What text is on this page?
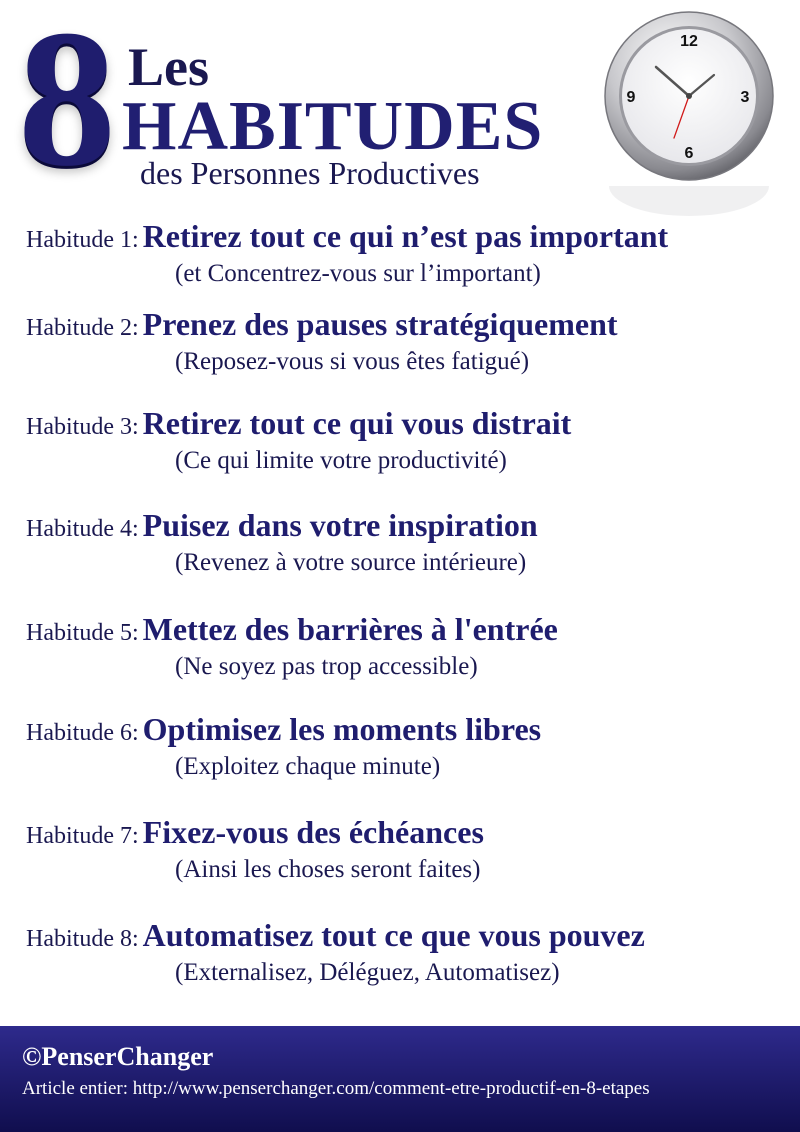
8 Les
HABITUDES
des Personnes Productives
12
3
6
9
Habitude 1: Retirez tout ce qui n’est pas important
(et Concentrez-vous sur l’important)
Habitude 2: Prenez des pauses stratégiquement
(Reposez-vous si vous êtes fatigué)
Habitude 3: Retirez tout ce qui vous distrait
(Ce qui limite votre productivité)
Habitude 4: Puisez dans votre inspiration
(Revenez à votre source intérieure)
Habitude 5: Mettez des barrières à l'entrée
(Ne soyez pas trop accessible)
Habitude 6: Optimisez les moments libres
(Exploitez chaque minute)
Habitude 7: Fixez-vous des échéances
(Ainsi les choses seront faites)
Habitude 8: Automatisez tout ce que vous pouvez
(Externalisez, Déléguez, Automatisez)
©PenserChanger
Article entier: http://www.penserchanger.com/comment-etre-productif-en-8-etapes
